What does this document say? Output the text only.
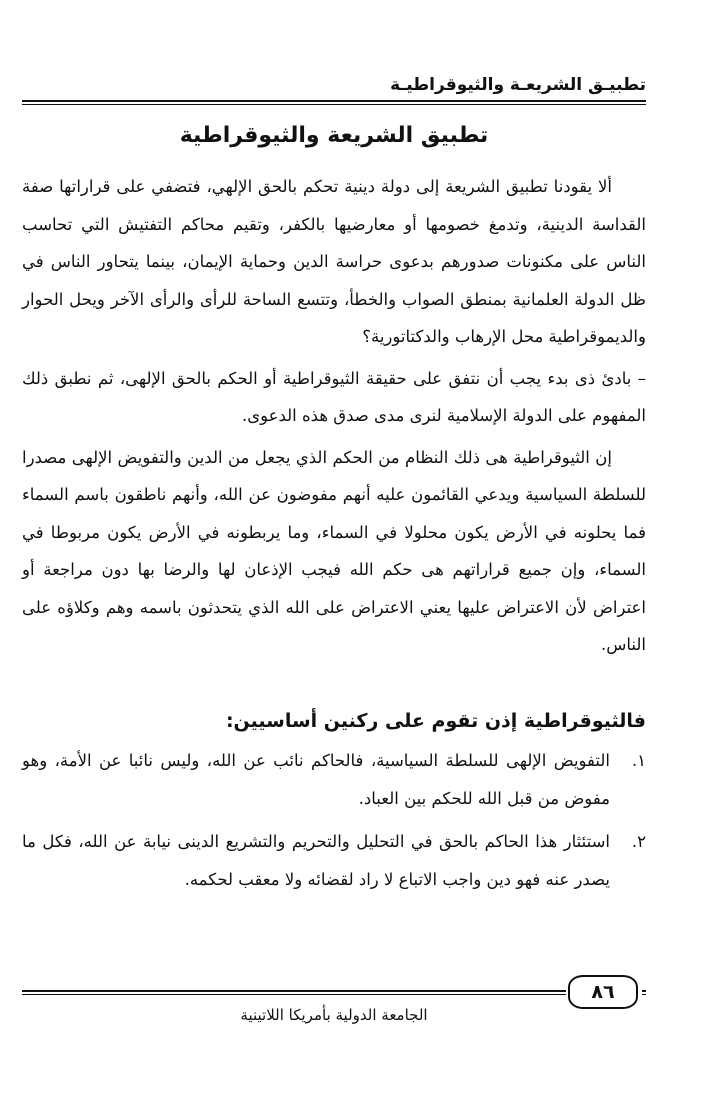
تطبيـق الشريعـة والثيوقراطيـة
تطبيق الشريعة والثيوقراطية

ألا يقودنا تطبيق الشريعة إلى دولة دينية تحكم بالحق الإلهي، فتضفي على قراراتها صفة القداسة الدينية، وتدمغ خصومها أو معارضيها بالكفر، وتقيم محاكم التفتيش التي تحاسب الناس على مكنونات صدورهم بدعوى حراسة الدين وحماية الإيمان، بينما يتحاور الناس في ظل الدولة العلمانية بمنطق الصواب والخطأ، وتتسع الساحة للرأى والرأى الآخر ويحل الحوار والديموقراطية محل الإرهاب والدكتاتورية؟

– بادئ ذى بدء يجب أن نتفق على حقيقة الثيوقراطية أو الحكم بالحق الإلهى، ثم نطبق ذلك المفهوم على الدولة الإسلامية لنرى مدى صدق هذه الدعوى.

إن الثيوقراطية هى ذلك النظام من الحكم الذي يجعل من الدين والتفويض الإلهى مصدرا للسلطة السياسية ويدعي القائمون عليه أنهم مفوضون عن الله، وأنهم ناطقون باسم السماء فما يحلونه في الأرض يكون محلولا في السماء، وما يربطونه في الأرض يكون مربوطا في السماء، وإن جميع قراراتهم هى حكم الله فيجب الإذعان لها والرضا بها دون مراجعة أو اعتراض لأن الاعتراض عليها يعني الاعتراض على الله الذي يتحدثون باسمه وهم وكلاؤه على الناس.

فالثيوقراطية إذن تقوم على ركنين أساسيين:
١.
التفويض الإلهى للسلطة السياسية، فالحاكم نائب عن الله، وليس نائبا عن الأمة، وهو مفوض من قبل الله للحكم بين العباد.
٢.
استئثار هذا الحاكم بالحق في التحليل والتحريم والتشريع الدينى نيابة عن الله، فكل ما يصدر عنه فهو دين واجب الاتباع لا راد لقضائه ولا معقب لحكمه.
٨٦
الجامعة الدولية بأمريكا اللاتينية
